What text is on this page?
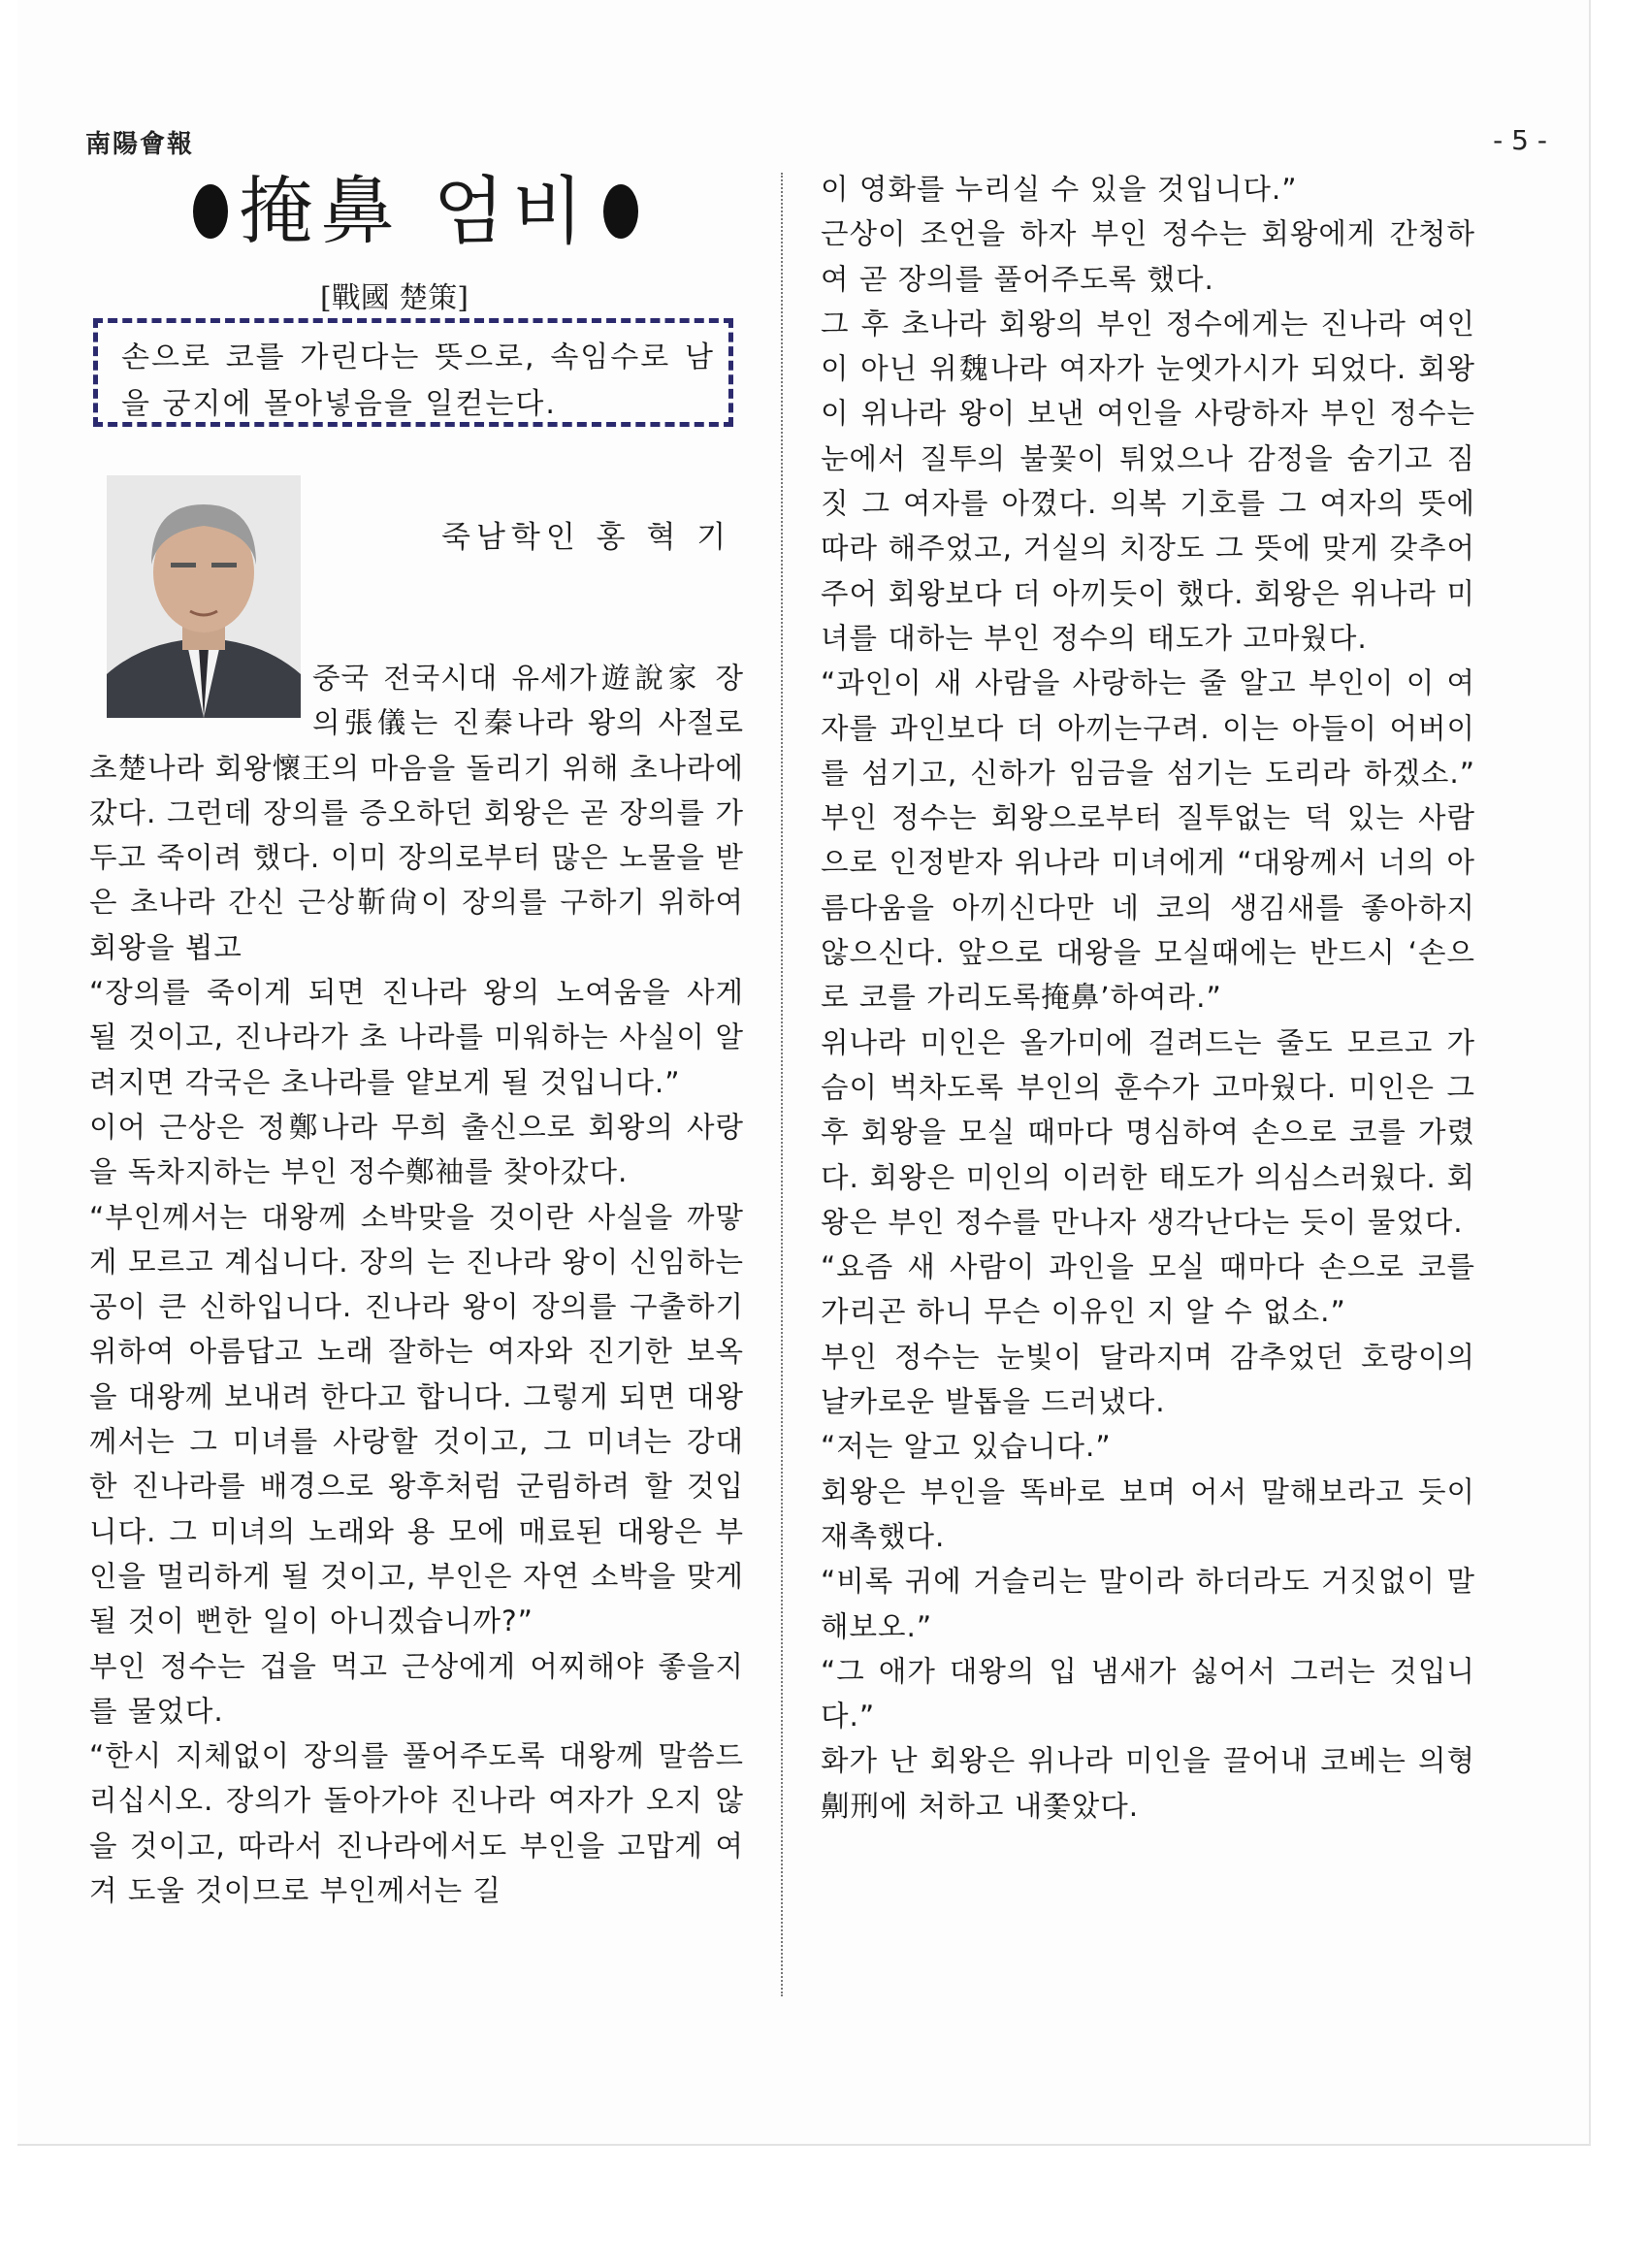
南陽會報	- 5 -
掩鼻 엄비
[戰國 楚策]
손으로 코를 가린다는 뜻으로, 속임수로 남을 궁지에 몰아넣음을 일컫는다.
죽남학인 홍 혁 기

중국 전국시대 유세가遊說家 장의張儀는 진秦나라 왕의 사절로 초楚나라 회왕懷王의 마음을 돌리기 위해 초나라에 갔다. 그런데 장의를 증오하던 회왕은 곧 장의를 가두고 죽이려 했다. 이미 장의로부터 많은 노물을 받은 초나라 간신 근상靳尙이 장의를 구하기 위하여 회왕을 뵙고

“장의를 죽이게 되면 진나라 왕의 노여움을 사게 될 것이고, 진나라가 초 나라를 미워하는 사실이 알려지면 각국은 초나라를 얕보게 될 것입니다.”

이어 근상은 정鄭나라 무희 출신으로 회왕의 사랑을 독차지하는 부인 정수鄭袖를 찾아갔다.

“부인께서는 대왕께 소박맞을 것이란 사실을 까맣게 모르고 계십니다. 장의 는 진나라 왕이 신임하는 공이 큰 신하입니다. 진나라 왕이 장의를 구출하기 위하여 아름답고 노래 잘하는 여자와 진기한 보옥을 대왕께 보내려 한다고 합니다. 그렇게 되면 대왕께서는 그 미녀를 사랑할 것이고, 그 미녀는 강대 한 진나라를 배경으로 왕후처럼 군림하려 할 것입니다. 그 미녀의 노래와 용 모에 매료된 대왕은 부인을 멀리하게 될 것이고, 부인은 자연 소박을 맞게 될 것이 뻔한 일이 아니겠습니까?”

부인 정수는 겁을 먹고 근상에게 어찌해야 좋을지를 물었다.

“한시 지체없이 장의를 풀어주도록 대왕께 말씀드리십시오. 장의가 돌아가야 진나라 여자가 오지 않을 것이고, 따라서 진나라에서도 부인을 고맙게 여겨 도울 것이므로 부인께서는 길

이 영화를 누리실 수 있을 것입니다.”

근상이 조언을 하자 부인 정수는 회왕에게 간청하여 곧 장의를 풀어주도록 했다.

그 후 초나라 회왕의 부인 정수에게는 진나라 여인이 아닌 위魏나라 여자가 눈엣가시가 되었다. 회왕이 위나라 왕이 보낸 여인을 사랑하자 부인 정수는 눈에서 질투의 불꽃이 튀었으나 감정을 숨기고 짐짓 그 여자를 아꼈다. 의복 기호를 그 여자의 뜻에 따라 해주었고, 거실의 치장도 그 뜻에 맞게 갖추어주어 회왕보다 더 아끼듯이 했다. 회왕은 위나라 미녀를 대하는 부인 정수의 태도가 고마웠다.

“과인이 새 사람을 사랑하는 줄 알고 부인이 이 여자를 과인보다 더 아끼는구려. 이는 아들이 어버이를 섬기고, 신하가 임금을 섬기는 도리라 하겠소.” 부인 정수는 회왕으로부터 질투없는 덕 있는 사람으로 인정받자 위나라 미녀에게 “대왕께서 너의 아름다움을 아끼신다만 네 코의 생김새를 좋아하지 않으신다. 앞으로 대왕을 모실때에는 반드시 ‘손으로 코를 가리도록掩鼻’하여라.”

위나라 미인은 올가미에 걸려드는 줄도 모르고 가슴이 벅차도록 부인의 훈수가 고마웠다. 미인은 그 후 회왕을 모실 때마다 명심하여 손으로 코를 가렸다. 회왕은 미인의 이러한 태도가 의심스러웠다. 회왕은 부인 정수를 만나자 생각난다는 듯이 물었다.

“요즘 새 사람이 과인을 모실 때마다 손으로 코를 가리곤 하니 무슨 이유인 지 알 수 없소.”

부인 정수는 눈빛이 달라지며 감추었던 호랑이의 날카로운 발톱을 드러냈다.

“저는 알고 있습니다.”

회왕은 부인을 똑바로 보며 어서 말해보라고 듯이 재촉했다.

“비록 귀에 거슬리는 말이라 하더라도 거짓없이 말해보오.”

“그 애가 대왕의 입 냄새가 싫어서 그러는 것입니다.”

화가 난 회왕은 위나라 미인을 끌어내 코베는 의형劓刑에 처하고 내쫓았다.
